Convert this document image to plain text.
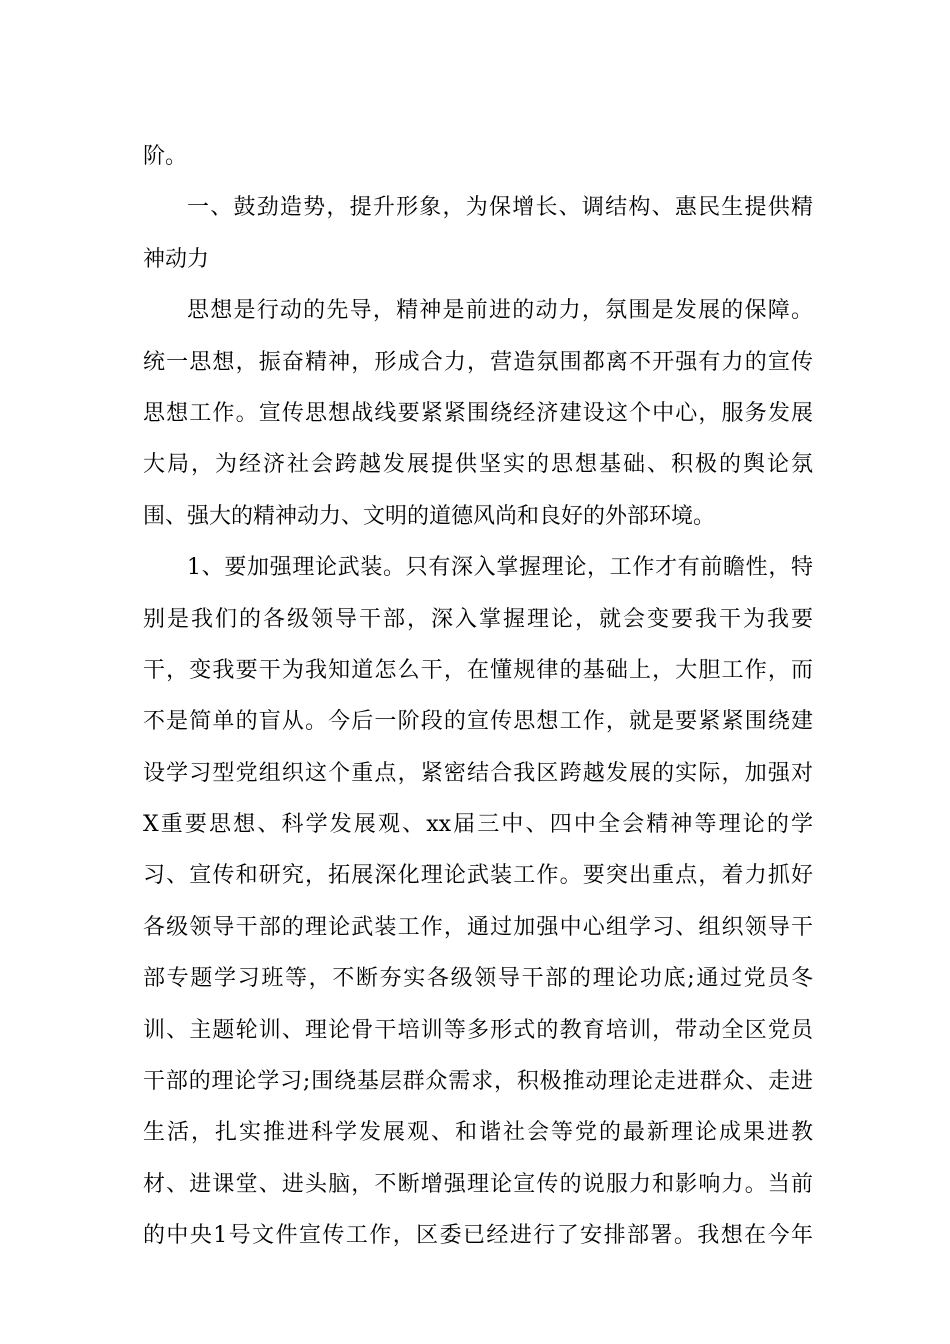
阶。
一、鼓劲造势，提升形象，为保增长、调结构、惠民生提供精
神动力
思想是行动的先导，精神是前进的动力，氛围是发展的保障。
统一思想，振奋精神，形成合力，营造氛围都离不开强有力的宣传
思想工作。宣传思想战线要紧紧围绕经济建设这个中心，服务发展
大局，为经济社会跨越发展提供坚实的思想基础、积极的舆论氛
围、强大的精神动力、文明的道德风尚和良好的外部环境。
1、要加强理论武装。只有深入掌握理论，工作才有前瞻性，特
别是我们的各级领导干部，深入掌握理论，就会变要我干为我要
干，变我要干为我知道怎么干，在懂规律的基础上，大胆工作，而
不是简单的盲从。今后一阶段的宣传思想工作，就是要紧紧围绕建
设学习型党组织这个重点，紧密结合我区跨越发展的实际，加强对
X重要思想、科学发展观、xx届三中、四中全会精神等理论的学
习、宣传和研究，拓展深化理论武装工作。要突出重点，着力抓好
各级领导干部的理论武装工作，通过加强中心组学习、组织领导干
部专题学习班等，不断夯实各级领导干部的理论功底;通过党员冬
训、主题轮训、理论骨干培训等多形式的教育培训，带动全区党员
干部的理论学习;围绕基层群众需求，积极推动理论走进群众、走进
生活，扎实推进科学发展观、和谐社会等党的最新理论成果进教
材、进课堂、进头脑，不断增强理论宣传的说服力和影响力。当前
的中央1号文件宣传工作，区委已经进行了安排部署。我想在今年
